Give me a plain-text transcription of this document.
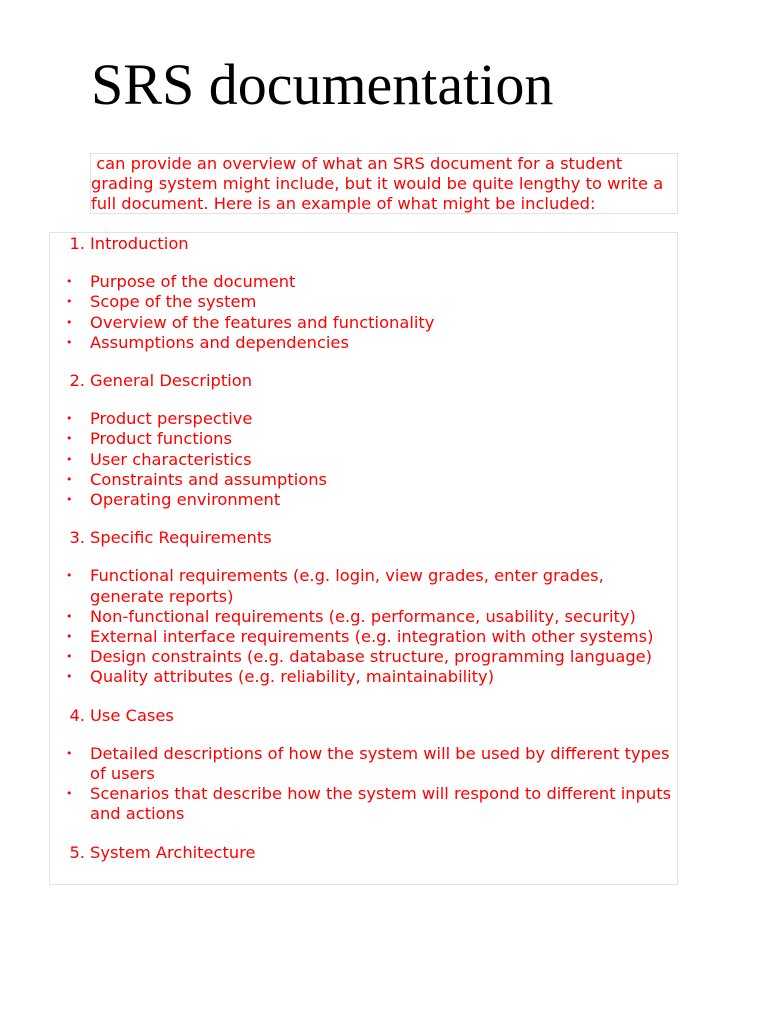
SRS documentation

can provide an overview of what an SRS document for a student grading system might include, but it would be quite lengthy to write a full document. Here is an example of what might be included:

1. Introduction
• Purpose of the document
• Scope of the system
• Overview of the features and functionality
• Assumptions and dependencies
2. General Description
• Product perspective
• Product functions
• User characteristics
• Constraints and assumptions
• Operating environment
3. Specific Requirements
• Functional requirements (e.g. login, view grades, enter grades, generate reports)
• Non-functional requirements (e.g. performance, usability, security)
• External interface requirements (e.g. integration with other systems)
• Design constraints (e.g. database structure, programming language)
• Quality attributes (e.g. reliability, maintainability)
4. Use Cases
• Detailed descriptions of how the system will be used by different types of users
• Scenarios that describe how the system will respond to different inputs and actions
5. System Architecture
